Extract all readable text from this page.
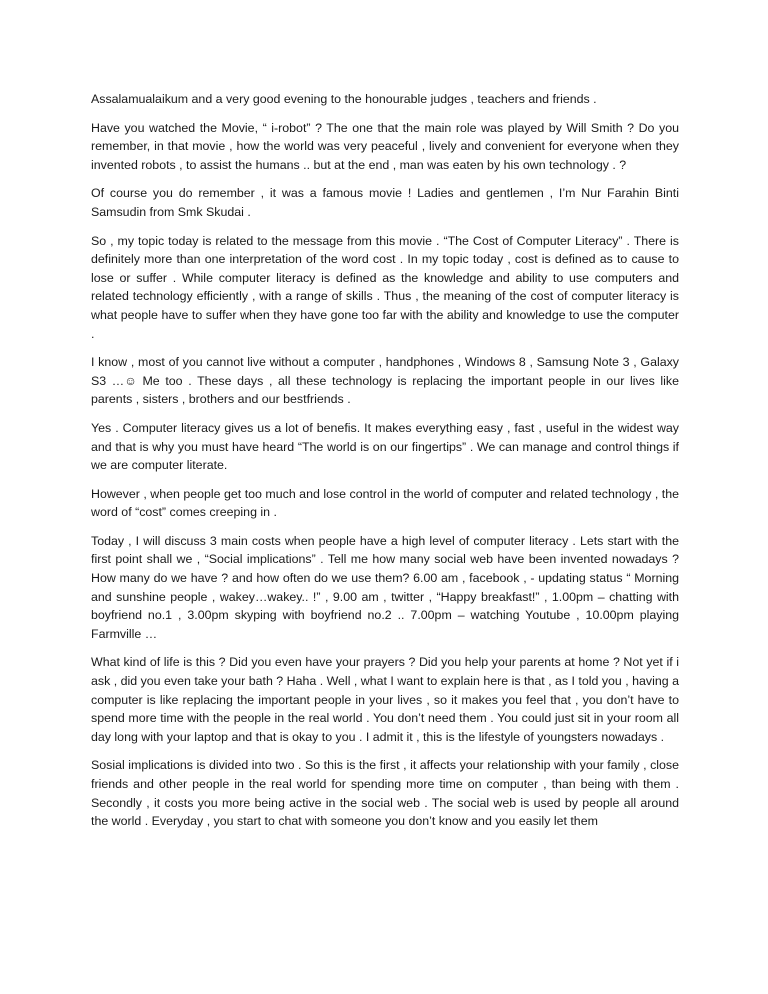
Assalamualaikum and a very good evening to the honourable judges , teachers and friends .

Have you watched the Movie, “ i-robot” ? The one that the main role was played by Will Smith ? Do you remember, in that movie , how the world was very peaceful , lively and convenient for everyone when they invented robots , to assist the humans .. but at the end , man was eaten by his own technology . ?

Of course you do remember , it was a famous movie ! Ladies and gentlemen , I’m Nur Farahin Binti Samsudin from Smk Skudai .

So , my topic today is related to the message from this movie . “The Cost of Computer Literacy” . There is definitely more than one interpretation of the word cost . In my topic today , cost is defined as to cause to lose or suffer . While computer literacy is defined as the knowledge and ability to use computers and related technology efficiently , with a range of skills . Thus , the meaning of the cost of computer literacy is what people have to suffer when they have gone too far with the ability and knowledge to use the computer .

I know , most of you cannot live without a computer , handphones , Windows 8 , Samsung Note 3 , Galaxy S3 …☺ Me too . These days , all these technology is replacing the important people in our lives like parents , sisters , brothers and our bestfriends .

Yes . Computer literacy gives us a lot of benefis. It makes everything easy , fast , useful in the widest way and that is why you must have heard “The world is on our fingertips” . We can manage and control things if we are computer literate.

However , when people get too much and lose control in the world of computer and related technology , the word of “cost” comes creeping in .

Today , I will discuss 3 main costs when people have a high level of computer literacy . Lets start with the first point shall we , “Social implications” . Tell me how many social web have been invented nowadays ? How many do we have ? and how often do we use them? 6.00 am , facebook , - updating status “ Morning and sunshine people , wakey…wakey.. !” , 9.00 am , twitter , “Happy breakfast!” , 1.00pm – chatting with boyfriend no.1 , 3.00pm skyping with boyfriend no.2 .. 7.00pm – watching Youtube , 10.00pm playing Farmville …

What kind of life is this ? Did you even have your prayers ? Did you help your parents at home ? Not yet if i ask , did you even take your bath ? Haha . Well , what I want to explain here is that , as I told you , having a computer is like replacing the important people in your lives , so it makes you feel that , you don’t have to spend more time with the people in the real world . You don’t need them . You could just sit in your room all day long with your laptop and that is okay to you . I admit it , this is the lifestyle of youngsters nowadays .

Sosial implications is divided into two . So this is the first , it affects your relationship with your family , close friends and other people in the real world for spending more time on computer , than being with them . Secondly , it costs you more being active in the social web . The social web is used by people all around the world . Everyday , you start to chat with someone you don’t know and you easily let them
